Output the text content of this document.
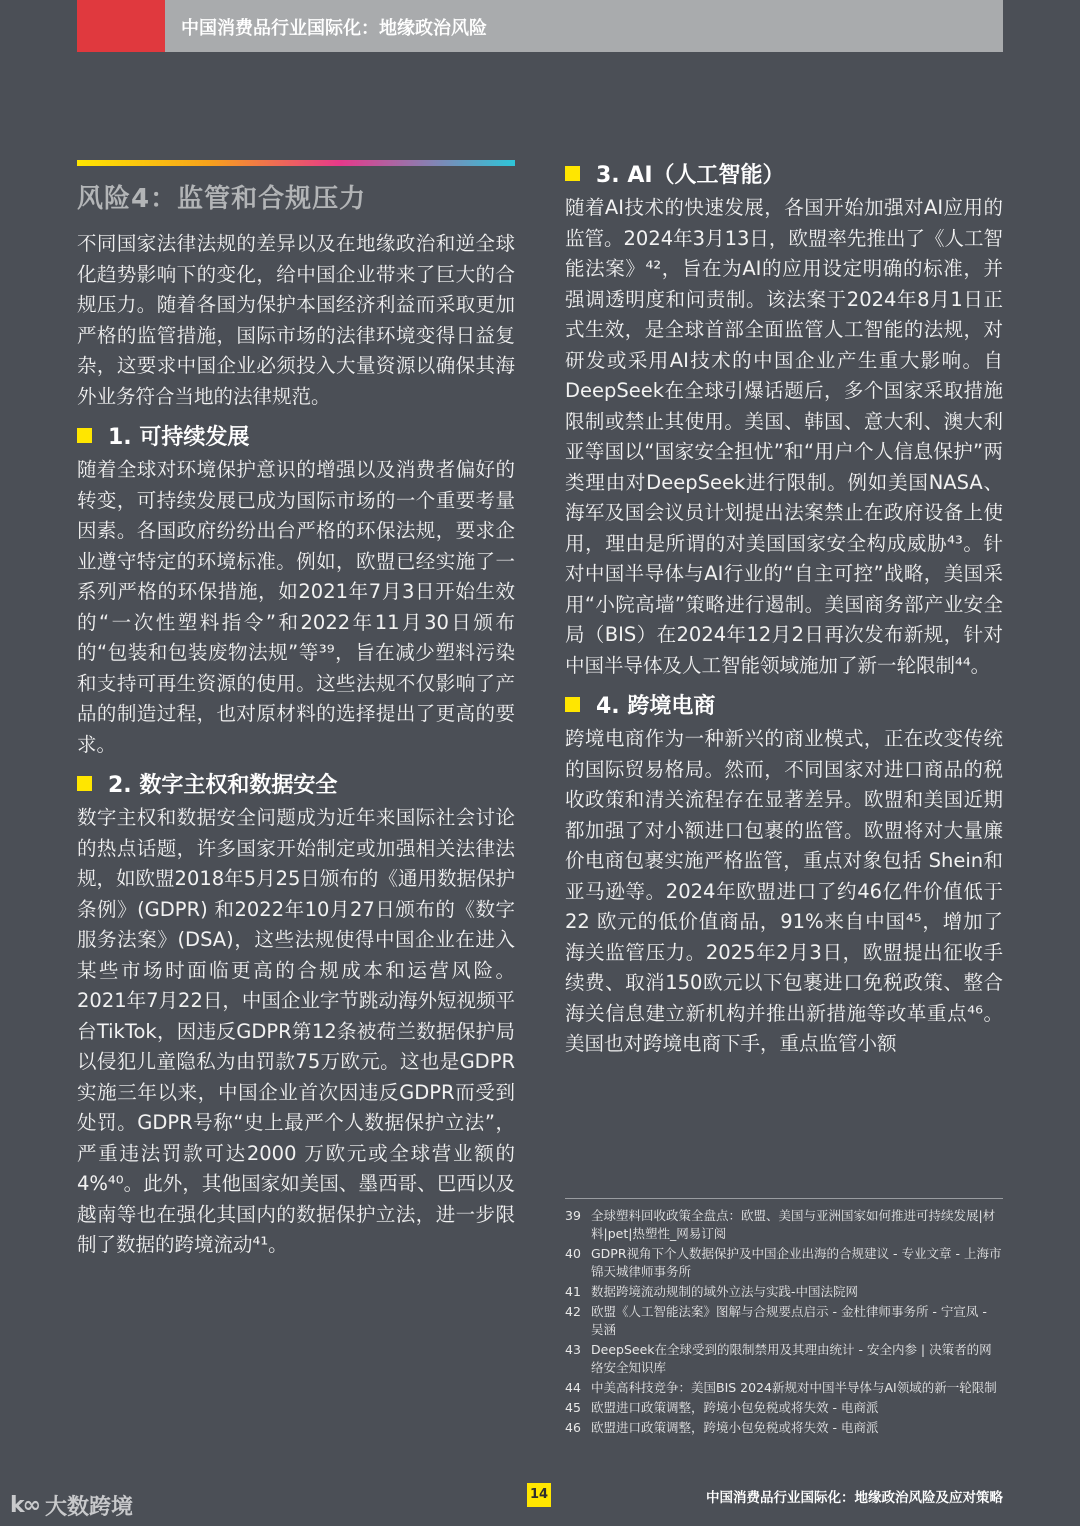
中国消费品行业国际化：地缘政治风险
风险4：监管和合规压力

不同国家法律法规的差异以及在地缘政治和逆全球化趋势影响下的变化，给中国企业带来了巨大的合规压力。随着各国为保护本国经济利益而采取更加严格的监管措施，国际市场的法律环境变得日益复杂，这要求中国企业必须投入大量资源以确保其海外业务符合当地的法律规范。

1. 可持续发展

随着全球对环境保护意识的增强以及消费者偏好的转变，可持续发展已成为国际市场的一个重要考量因素。各国政府纷纷出台严格的环保法规，要求企业遵守特定的环境标准。例如，欧盟已经实施了一系列严格的环保措施，如2021年7月3日开始生效的“一次性塑料指令”和2022年11月30日颁布的“包装和包装废物法规”等³⁹，旨在减少塑料污染和支持可再生资源的使用。这些法规不仅影响了产品的制造过程，也对原材料的选择提出了更高的要求。

2. 数字主权和数据安全

数字主权和数据安全问题成为近年来国际社会讨论的热点话题，许多国家开始制定或加强相关法律法规，如欧盟2018年5月25日颁布的《通用数据保护条例》(GDPR) 和2022年10月27日颁布的《数字服务法案》(DSA)，这些法规使得中国企业在进入某些市场时面临更高的合规成本和运营风险。2021年7月22日，中国企业字节跳动海外短视频平台TikTok，因违反GDPR第12条被荷兰数据保护局以侵犯儿童隐私为由罚款75万欧元。这也是GDPR实施三年以来，中国企业首次因违反GDPR而受到处罚。GDPR号称“史上最严个人数据保护立法”，严重违法罚款可达2000 万欧元或全球营业额的4%⁴⁰。此外，其他国家如美国、墨西哥、巴西以及越南等也在强化其国内的数据保护立法，进一步限制了数据的跨境流动⁴¹。

3. AI（人工智能）

随着AI技术的快速发展，各国开始加强对AI应用的监管。2024年3月13日，欧盟率先推出了《人工智能法案》⁴²，旨在为AI的应用设定明确的标准，并强调透明度和问责制。该法案于2024年8月1日正式生效，是全球首部全面监管人工智能的法规，对研发或采用AI技术的中国企业产生重大影响。自DeepSeek在全球引爆话题后，多个国家采取措施限制或禁止其使用。美国、韩国、意大利、澳大利亚等国以“国家安全担忧”和“用户个人信息保护”两类理由对DeepSeek进行限制。例如美国NASA、海军及国会议员计划提出法案禁止在政府设备上使用，理由是所谓的对美国国家安全构成威胁⁴³。针对中国半导体与AI行业的“自主可控”战略，美国采用“小院高墙”策略进行遏制。美国商务部产业安全局（BIS）在2024年12月2日再次发布新规，针对中国半导体及人工智能领域施加了新一轮限制⁴⁴。

4. 跨境电商

跨境电商作为一种新兴的商业模式，正在改变传统的国际贸易格局。然而，不同国家对进口商品的税收政策和清关流程存在显著差异。欧盟和美国近期都加强了对小额进口包裹的监管。欧盟将对大量廉价电商包裹实施严格监管，重点对象包括 Shein和亚马逊等。2024年欧盟进口了约46亿件价值低于22 欧元的低价值商品，91%来自中国⁴⁵，增加了海关监管压力。2025年2月3日，欧盟提出征收手续费、取消150欧元以下包裹进口免税政策、整合海关信息建立新机构并推出新措施等改革重点⁴⁶。美国也对跨境电商下手，重点监管小额

39 全球塑料回收政策全盘点：欧盟、美国与亚洲国家如何推进可持续发展|材料|pet|热塑性_网易订阅
40 GDPR视角下个人数据保护及中国企业出海的合规建议 - 专业文章 - 上海市锦天城律师事务所
41 数据跨境流动规制的域外立法与实践-中国法院网
42 欧盟《人工智能法案》图解与合规要点启示 - 金杜律师事务所 - 宁宣凤 - 吴涵
43 DeepSeek在全球受到的限制禁用及其理由统计 - 安全内参 | 决策者的网络安全知识库
44 中美高科技竞争：美国BIS 2024新规对中国半导体与AI领域的新一轮限制
45 欧盟进口政策调整，跨境小包免税或将失效 - 电商派
46 欧盟进口政策调整，跨境小包免税或将失效 - 电商派
14	中国消费品行业国际化：地缘政治风险及应对策略
k∞ 大数跨境
